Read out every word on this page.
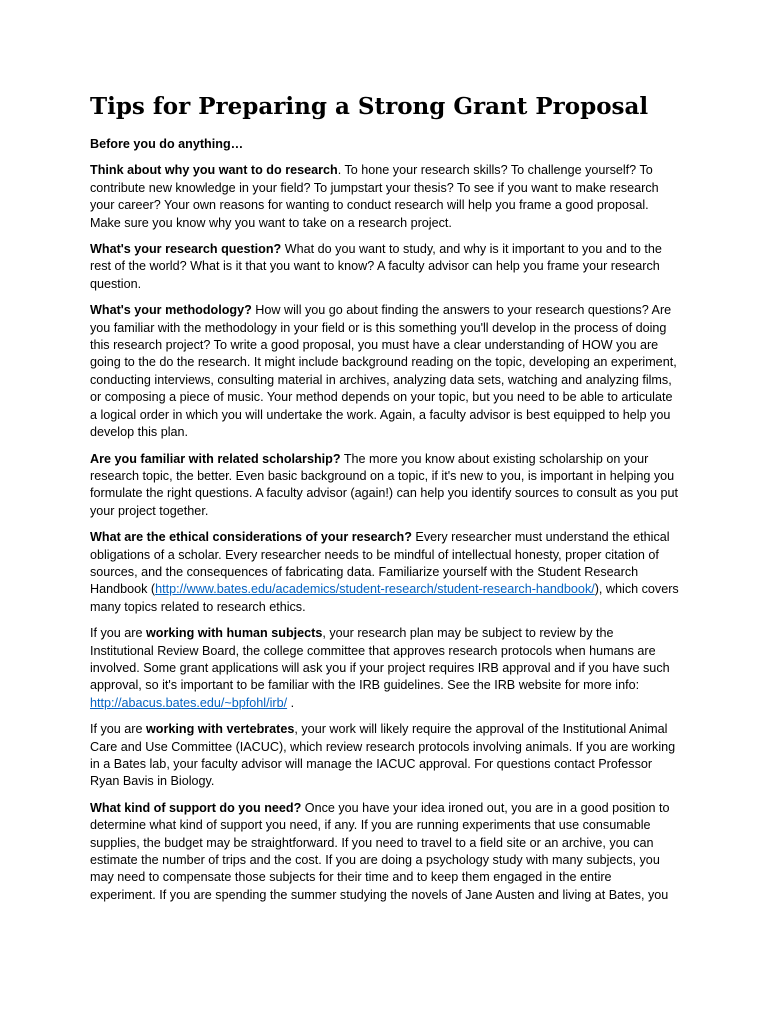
Tips for Preparing a Strong Grant Proposal

Before you do anything…

Think about why you want to do research. To hone your research skills? To challenge yourself? To contribute new knowledge in your field? To jumpstart your thesis? To see if you want to make research your career? Your own reasons for wanting to conduct research will help you frame a good proposal. Make sure you know why you want to take on a research project.

What's your research question? What do you want to study, and why is it important to you and to the rest of the world? What is it that you want to know? A faculty advisor can help you frame your research question.

What's your methodology? How will you go about finding the answers to your research questions? Are you familiar with the methodology in your field or is this something you'll develop in the process of doing this research project? To write a good proposal, you must have a clear understanding of HOW you are going to the do the research. It might include background reading on the topic, developing an experiment, conducting interviews, consulting material in archives, analyzing data sets, watching and analyzing films, or composing a piece of music. Your method depends on your topic, but you need to be able to articulate a logical order in which you will undertake the work. Again, a faculty advisor is best equipped to help you develop this plan.

Are you familiar with related scholarship? The more you know about existing scholarship on your research topic, the better. Even basic background on a topic, if it's new to you, is important in helping you formulate the right questions. A faculty advisor (again!) can help you identify sources to consult as you put your project together.

What are the ethical considerations of your research? Every researcher must understand the ethical obligations of a scholar. Every researcher needs to be mindful of intellectual honesty, proper citation of sources, and the consequences of fabricating data. Familiarize yourself with the Student Research Handbook (http://www.bates.edu/academics/student-research/student-research-handbook/), which covers many topics related to research ethics.

If you are working with human subjects, your research plan may be subject to review by the Institutional Review Board, the college committee that approves research protocols when humans are involved. Some grant applications will ask you if your project requires IRB approval and if you have such approval, so it's important to be familiar with the IRB guidelines. See the IRB website for more info: http://abacus.bates.edu/~bpfohl/irb/ .

If you are working with vertebrates, your work will likely require the approval of the Institutional Animal Care and Use Committee (IACUC), which review research protocols involving animals. If you are working in a Bates lab, your faculty advisor will manage the IACUC approval. For questions contact Professor Ryan Bavis in Biology.

What kind of support do you need? Once you have your idea ironed out, you are in a good position to determine what kind of support you need, if any. If you are running experiments that use consumable supplies, the budget may be straightforward. If you need to travel to a field site or an archive, you can estimate the number of trips and the cost. If you are doing a psychology study with many subjects, you may need to compensate those subjects for their time and to keep them engaged in the entire experiment. If you are spending the summer studying the novels of Jane Austen and living at Bates, you
